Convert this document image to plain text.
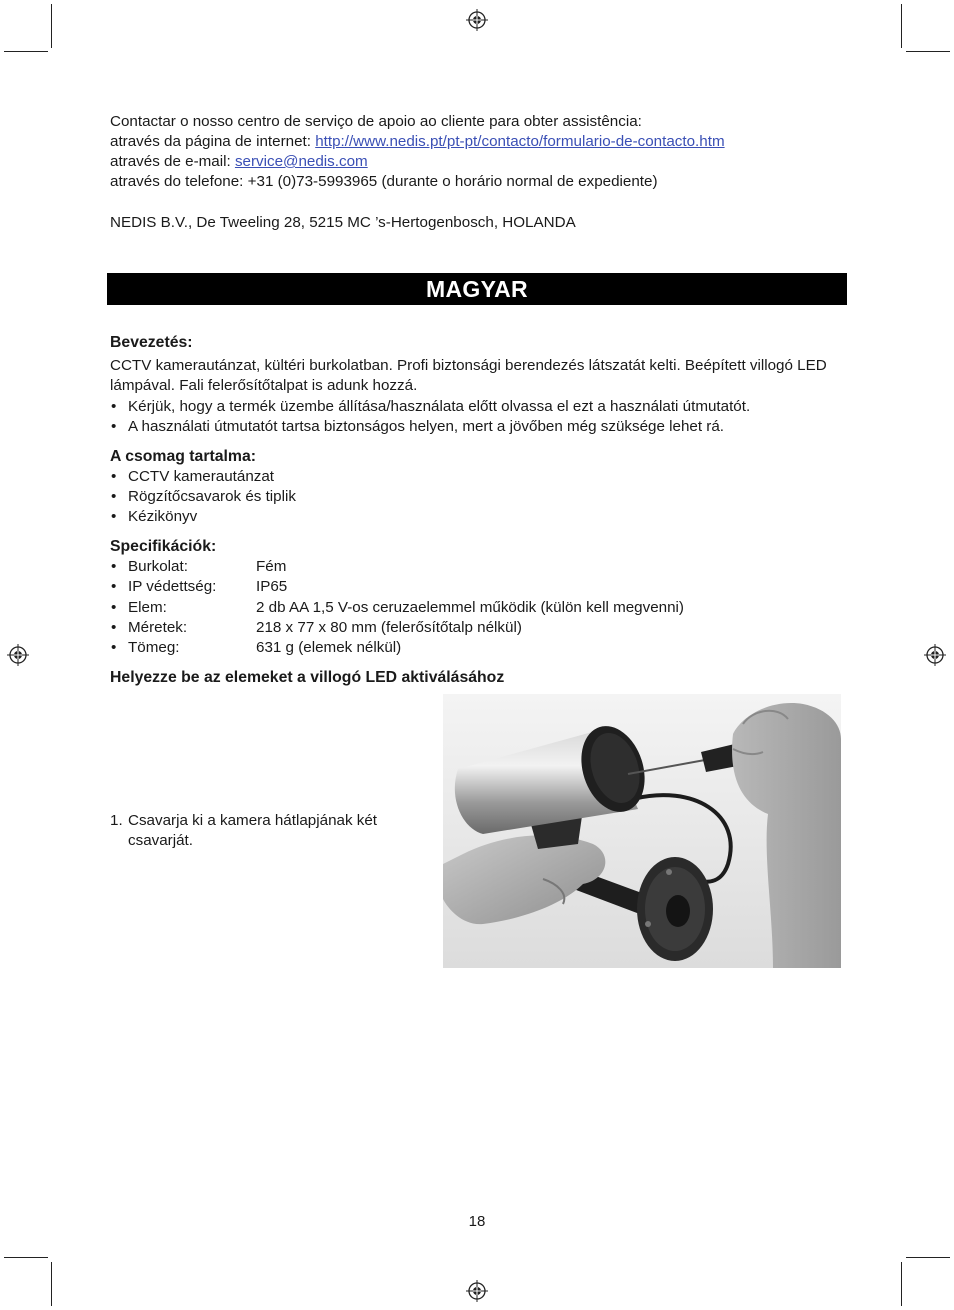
Contactar o nosso centro de serviço de apoio ao cliente para obter assistência:

através da página de internet: http://www.nedis.pt/pt-pt/contacto/formulario-de-contacto.htm

através de e-mail: service@nedis.com

através do telefone: +31 (0)73-5993965 (durante o horário normal de expediente)

NEDIS B.V., De Tweeling 28, 5215 MC ’s-Hertogenbosch, HOLANDA
MAGYAR
Bevezetés:

CCTV kamerautánzat, kültéri burkolatban. Profi biztonsági berendezés látszatát kelti. Beépített villogó LED lámpával. Fali felerősítőtalpat is adunk hozzá.

• Kérjük, hogy a termék üzembe állítása/használata előtt olvassa el ezt a használati útmutatót.
• A használati útmutatót tartsa biztonságos helyen, mert a jövőben még szüksége lehet rá.
A csomag tartalma:
• CCTV kamerautánzat
• Rögzítőcsavarok és tiplik
• Kézikönyv
Specifikációk:
• Burkolat:	Fém
• IP védettség:	IP65
• Elem:	2 db AA 1,5 V-os ceruzaelemmel működik (külön kell megvenni)
• Méretek:	218 x 77 x 80 mm (felerősítőtalp nélkül)
• Tömeg:	631 g (elemek nélkül)
Helyezze be az elemeket a villogó LED aktiválásához
1. Csavarja ki a kamera hátlapjának két csavarját.
18
